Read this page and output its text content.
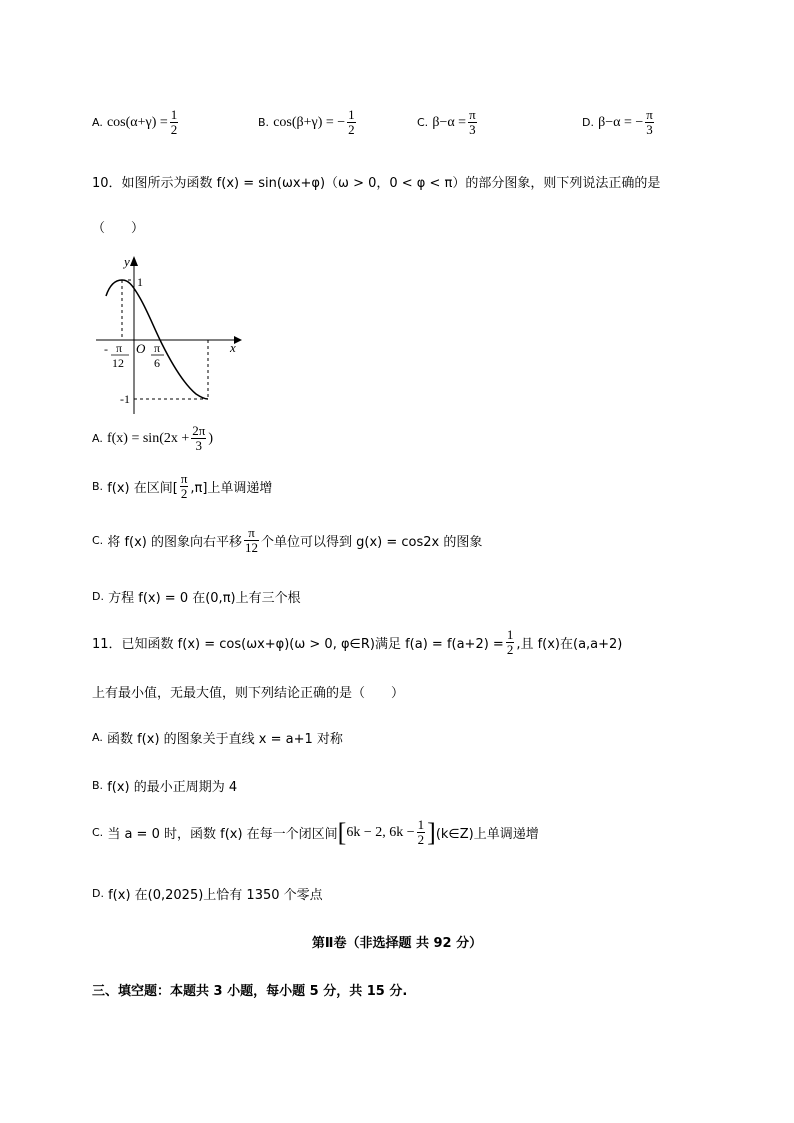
A.
$\cos(\alpha+\gamma) = \frac{1}{2}$	B.
cos(β+γ) = − $\frac{1}{2}$	C.
$\beta-\alpha = \frac{\pi}{3}$	D.
β−α = − $\frac{\pi}{3}$
10．如图所示为函数 f(x) = sin(ωx+φ)（ω > 0，0 < φ < π）的部分图象，则下列说法正确的是
（　　）
y
x
1
-1
O
- π
12
π
6
A.
$f(x) = \sin(2x + \frac{2\pi}{3}$ )
B.
f(x) 在区间[ $\frac{\pi}{2} ,\pi$]上单调递增
C.
将 f(x) 的图象向右平移 $\frac{\pi}{12}$ 个单位可以得到 g(x) = cos2x 的图象
D.
方程 f(x) = 0 在(0,π)上有三个根
11．已知函数 f(x) = cos(ωx+φ)(ω > 0, φ∈R)满足 $f(a) = f(a+2) = \frac{1}{2}$ ,且 f(x)在(a,a+2)
上有最小值，无最大值，则下列结论正确的是（　　）
A.
函数 f(x) 的图象关于直线 x = a+1 对称
B.
f(x) 的最小正周期为 4
C.
当 a = 0 时，函数 f(x) 在每一个闭区间 [ 6k − 2, $6k - \frac{1}{2}$ ] (k∈Z)上单调递增
D.
f(x) 在(0,2025)上恰有 1350 个零点
第Ⅱ卷（非选择题 共 92 分）
三、填空题：本题共 3 小题，每小题 5 分，共 15 分.
